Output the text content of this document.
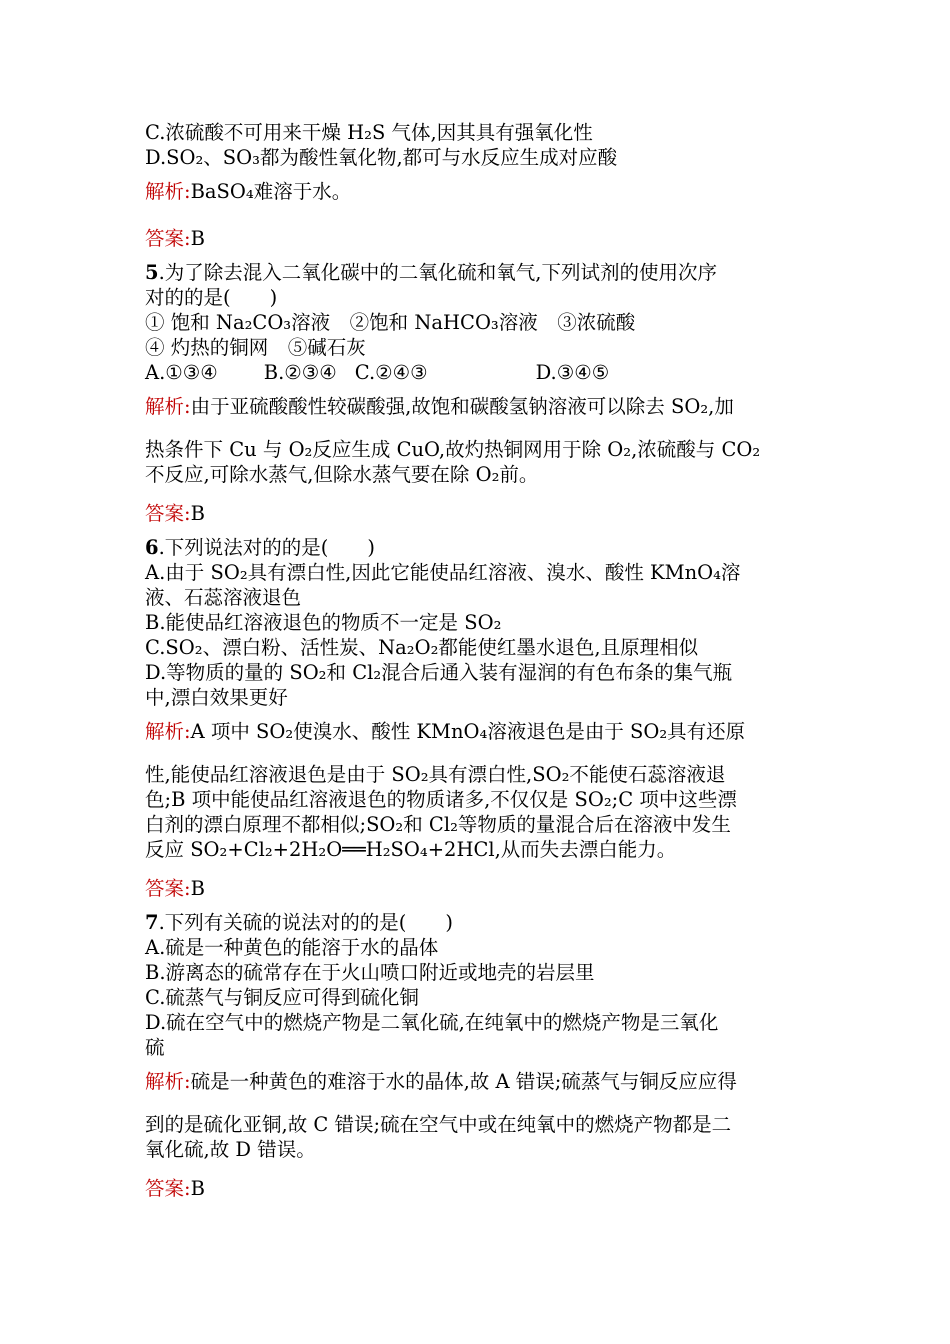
C.浓硫酸不可用来干燥 H₂S 气体,因其具有强氧化性
D.SO₂、SO₃都为酸性氧化物,都可与水反应生成对应酸
解析:BaSO₄难溶于水。
答案:B
5.为了除去混入二氧化碳中的二氧化硫和氧气,下列试剂的使用次序
对的的是(　　)
① 饱和 Na₂CO₃溶液　②饱和 NaHCO₃溶液　③浓硫酸
④ 灼热的铜网　⑤碱石灰
A.①③④ B.②③④ C.②④③	D.③④⑤
解析:由于亚硫酸酸性较碳酸强,故饱和碳酸氢钠溶液可以除去 SO₂,加
热条件下 Cu 与 O₂反应生成 CuO,故灼热铜网用于除 O₂,浓硫酸与 CO₂
不反应,可除水蒸气,但除水蒸气要在除 O₂前。
答案:B
6.下列说法对的的是(　　)
A.由于 SO₂具有漂白性,因此它能使品红溶液、溴水、酸性 KMnO₄溶
液、石蕊溶液退色
B.能使品红溶液退色的物质不一定是 SO₂
C.SO₂、漂白粉、活性炭、Na₂O₂都能使红墨水退色,且原理相似
D.等物质的量的 SO₂和 Cl₂混合后通入装有湿润的有色布条的集气瓶
中,漂白效果更好
解析:A 项中 SO₂使溴水、酸性 KMnO₄溶液退色是由于 SO₂具有还原
性,能使品红溶液退色是由于 SO₂具有漂白性,SO₂不能使石蕊溶液退
色;B 项中能使品红溶液退色的物质诸多,不仅仅是 SO₂;C 项中这些漂
白剂的漂白原理不都相似;SO₂和 Cl₂等物质的量混合后在溶液中发生
反应 SO₂+Cl₂+2H₂O══H₂SO₄+2HCl,从而失去漂白能力。
答案:B
7.下列有关硫的说法对的的是(　　)
A.硫是一种黄色的能溶于水的晶体
B.游离态的硫常存在于火山喷口附近或地壳的岩层里
C.硫蒸气与铜反应可得到硫化铜
D.硫在空气中的燃烧产物是二氧化硫,在纯氧中的燃烧产物是三氧化
硫
解析:硫是一种黄色的难溶于水的晶体,故 A 错误;硫蒸气与铜反应应得
到的是硫化亚铜,故 C 错误;硫在空气中或在纯氧中的燃烧产物都是二
氧化硫,故 D 错误。
答案:B
